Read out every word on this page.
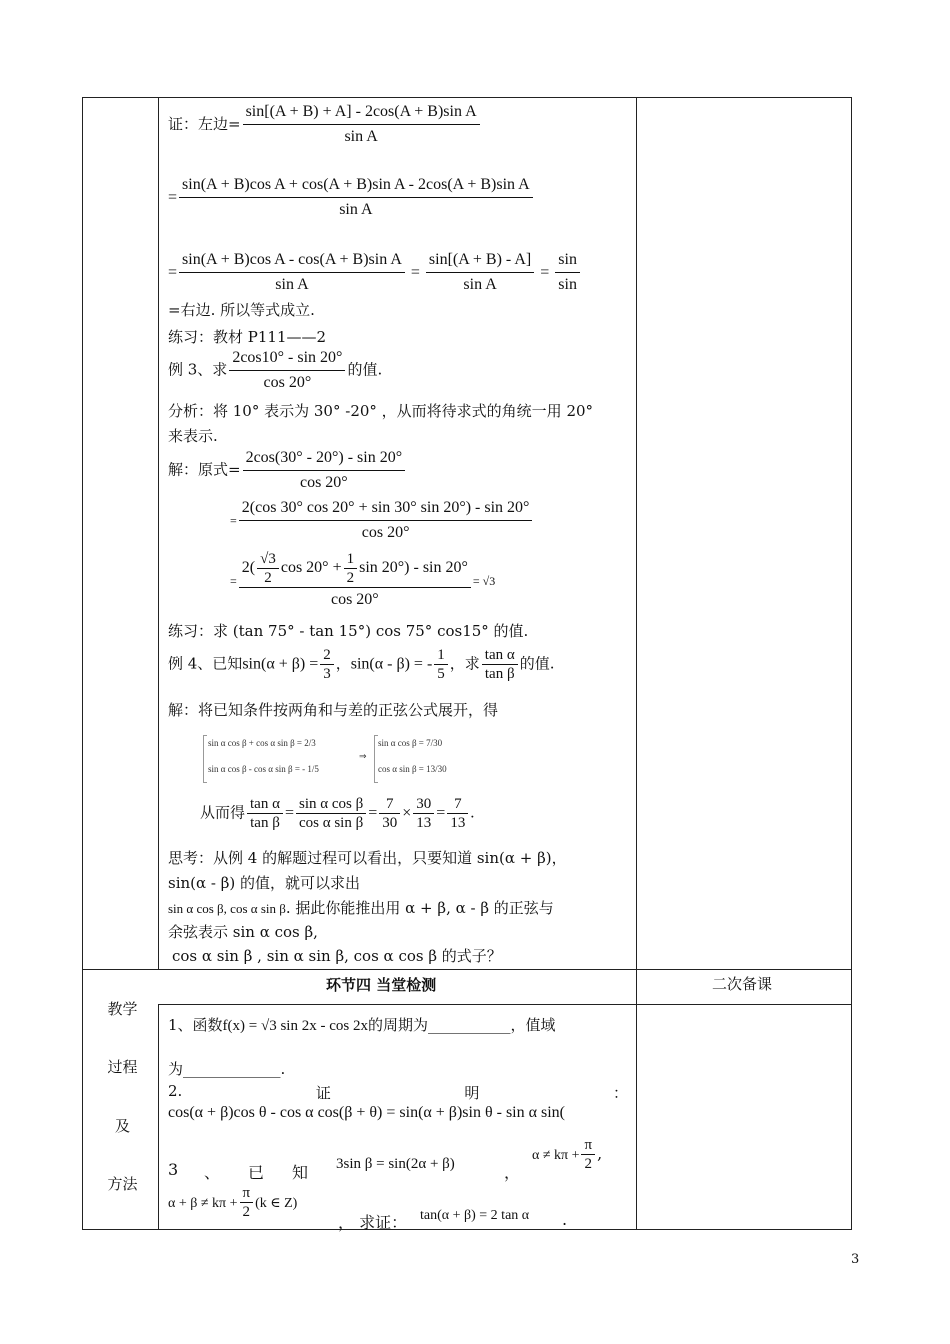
证：左边= $\frac{\text{sin[(A + B) + A] - 2cos(A + B)sin A}}{\text{sin A}}$
= $\frac{\text{sin(A + B)cos A + cos(A + B)sin A - 2cos(A + B)sin A}}{\text{sin A}}$
= $\frac{\text{sin(A + B)cos A - cos(A + B)sin A}}{\text{sin A}} = \frac{\sin[(A + B) - A]}{\text{sin A}} = \frac{\sin}{\sin}$
=右边. 所以等式成立.
练习：教材 P111——2
例 3、求 $\frac{2\cos 10^\circ - \sin 20^\circ}{\cos 20^\circ}$ 的值.
分析：将 10° 表示为 30° -20° ，从而将待求式的角统一用 20°
来表示.
解：原式= $\frac{2\cos(30^\circ - 20^\circ) - \sin 20^\circ}{\cos 20^\circ}$
= $\frac{2(\cos 30^\circ \cos 20^\circ + \sin 30^\circ \sin 20^\circ) - \sin 20^\circ}{\cos 20^\circ}$
= $\frac{2( \frac{√3}{2} \cos 20^\circ + \frac{1}{2} \sin 20^\circ) - \sin 20^\circ}{\cos 20^\circ} = √3$
练习：求 (tan 75° - tan 15°) cos 75° cos15° 的值.
例 4、已知$\sin(\alpha + \beta) = \frac{2}{3}$ ，sin(α - β) = - $\frac{1}{5}$ ，求 $\frac{\text{tan α}}{\text{tan β}}$ 的值.
解：将已知条件按两角和与差的正弦公式展开，得
sin α cos β + cos α sin β = 2/3
sin α cos β - cos α sin β = - 1/5
⇒
sin α cos β = 7/30
cos α sin β = 13/30
从而得 $\frac{\text{tan α}}{\text{tan β}} = \frac{\text{sin α cos β}}{\text{cos α sin β}} = \frac{7}{30} \times \frac{30}{13} = \frac{7}{13}$ .
思考：从例 4 的解题过程可以看出，只要知道 sin(α + β)，
sin(α - β) 的值，就可以求出
sin α cos β, cos α sin β. 据此你能推出用 α + β, α - β 的正弦与
余弦表示 sin α cos β,
cos α sin β , sin α sin β, cos α cos β 的式子？
环节四 当堂检测	二次备课
教学
过程
及
方法
1、函数f(x) = √3 sin 2x - cos 2x的周期为___________，值域
为_____________.
2.	证	明	：
cos(α + β)cos θ - cos α cos(β + θ) = sin(α + β)sin θ - sin α sin(
3 、 已 知 3sin β = sin(2α + β)	，
$\alpha \ne k\pi + \frac{\pi}{2}$ ,
$\alpha + \beta \ne k\pi + \frac{\pi}{2} (k$ ∈ Z)
， 求证： tan(α + β) = 2 tan α .
3
